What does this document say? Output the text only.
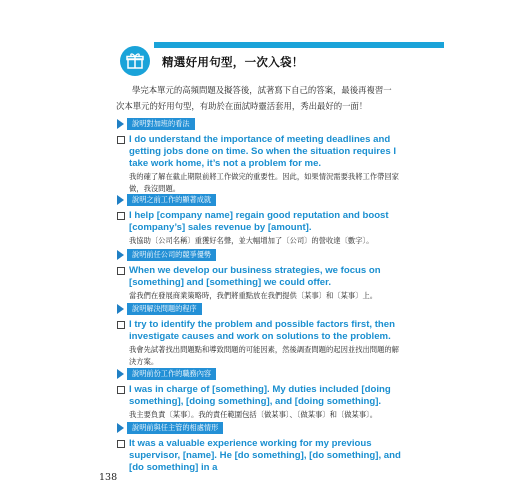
精選好用句型，一次入袋！

學完本單元的高頻問題及擬答後，試著寫下自己的答案，最後再複習一

次本單元的好用句型，有助於在面試時靈活套用，秀出最好的一面！

說明對加班的看法
I do understand the importance of meeting deadlines and getting jobs done on time. So when the situation requires I take work home, it’s not a problem for me.
我的確了解在截止期限前將工作做完的重要性。因此，如果情況需要我將工作帶回家做，我沒問題。
說明之前工作的顯著成就
I help [company name] regain good reputation and boost [company’s] sales revenue by [amount].
我協助〔公司名稱〕重獲好名聲，並大幅增加了〔公司〕的營收達〔數字〕。
說明前任公司的競爭優勢
When we develop our business strategies, we focus on [something] and [something] we could offer.
當我們在發展商業策略時，我們將重點放在我們提供〔某事〕和〔某事〕上。
說明解決問題的程序
I try to identify the problem and possible factors first, then investigate causes and work on solutions to the problem.
我會先試著找出問題點和導致問題的可能因素，然後調查問題的起因並找出問題的解決方案。
說明前份工作的職務內容
I was in charge of [something]. My duties included [doing something], [doing something], and [doing something].
我主要負責〔某事〕。我的責任範圍包括〔做某事〕、〔做某事〕和〔做某事〕。
說明前與任主管的相處情形
It was a valuable experience working for my previous supervisor, [name]. He [do something], [do something], and [do something] in a
138
